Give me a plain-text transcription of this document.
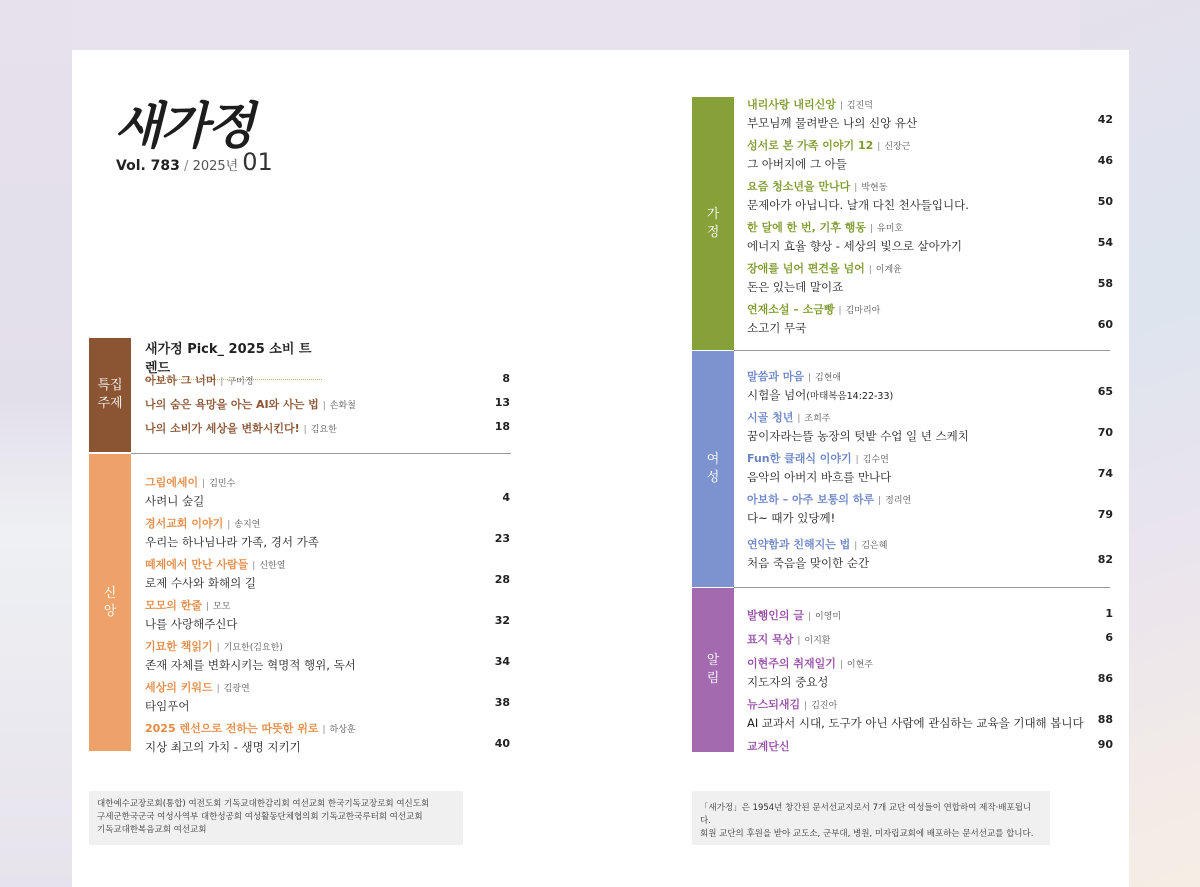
새가정
Vol. 783 / 2025년 01
특집
주제
새가정 Pick_ 2025 소비 트렌드
아보하 그 너머 | 구미정	8
나의 숨은 욕망을 아는 AI와 사는 법 | 손화철	13
나의 소비가 세상을 변화시킨다! | 김요한	18
신
앙
그림에세이 | 김민수
사려니 숲길	4
경서교회 이야기 | 송지연
우리는 하나님나라 가족, 경서 가족	23
떼제에서 만난 사람들 | 신한열
로제 수사와 화해의 길	28
모모의 한줄 | 모모
나를 사랑해주신다	32
기묘한 책읽기 | 기묘한(김요한)
존재 자체를 변화시키는 혁명적 행위, 독서	34
세상의 키워드 | 김광연
타임푸어	38
2025 렌선으로 전하는 따뜻한 위로 | 하상훈
지상 최고의 가치 - 생명 지키기	40
대한예수교장로회(통합) 여전도회 기독교대한감리회 여선교회 한국기독교장로회 여신도회
구세군한국군국 여성사역부 대한성공회 여성활동단체협의회 기독교한국루터회 여선교회
기독교대한복음교회 여선교회
가
정
내리사랑 내리신앙 | 김진덕
부모님께 물려받은 나의 신앙 유산	42
성서로 본 가족 이야기 12 | 신장근
그 아버지에 그 아들	46
요즘 청소년을 만나다 | 박현동
문제아가 아닙니다. 날개 다친 천사들입니다.	50
한 달에 한 번, 기후 행동 | 유미호
에너지 효율 향상 - 세상의 빛으로 살아가기	54
장애를 넘어 편견을 넘어 | 이계윤
돈은 있는데 말이죠	58
연재소설 – 소금빵 | 김마리아
소고기 무국	60
여
성
말씀과 마음 | 김현애
시험을 넘어(마태복음14:22-33)	65
시골 청년 | 조희주
꿈이자라는뜰 농장의 텃밭 수업 일 년 스케치	70
Fun한 클래식 이야기 | 김수연
음악의 아버지 바흐를 만나다	74
아보하 – 아주 보통의 하루 | 정리연
다~ 때가 있당께!	79
연약함과 친해지는 법 | 김은혜
처음 죽음을 맞이한 순간	82
알
림
발행인의 글 | 이영미	1
표지 묵상 | 이지환	6
이현주의 취재일기 | 이현주
지도자의 중요성	86
뉴스되새김 | 김진아
AI 교과서 시대, 도구가 아닌 사람에 관심하는 교육을 기대해 봅니다	88
교계단신	90
「새가정」은 1954년 창간된 문서선교지로서 7개 교단 여성들이 연합하여 제작·배포됩니다.
회원 교단의 후원을 받아 교도소, 군부대, 병원, 미자립교회에 배포하는 문서선교를 합니다.
